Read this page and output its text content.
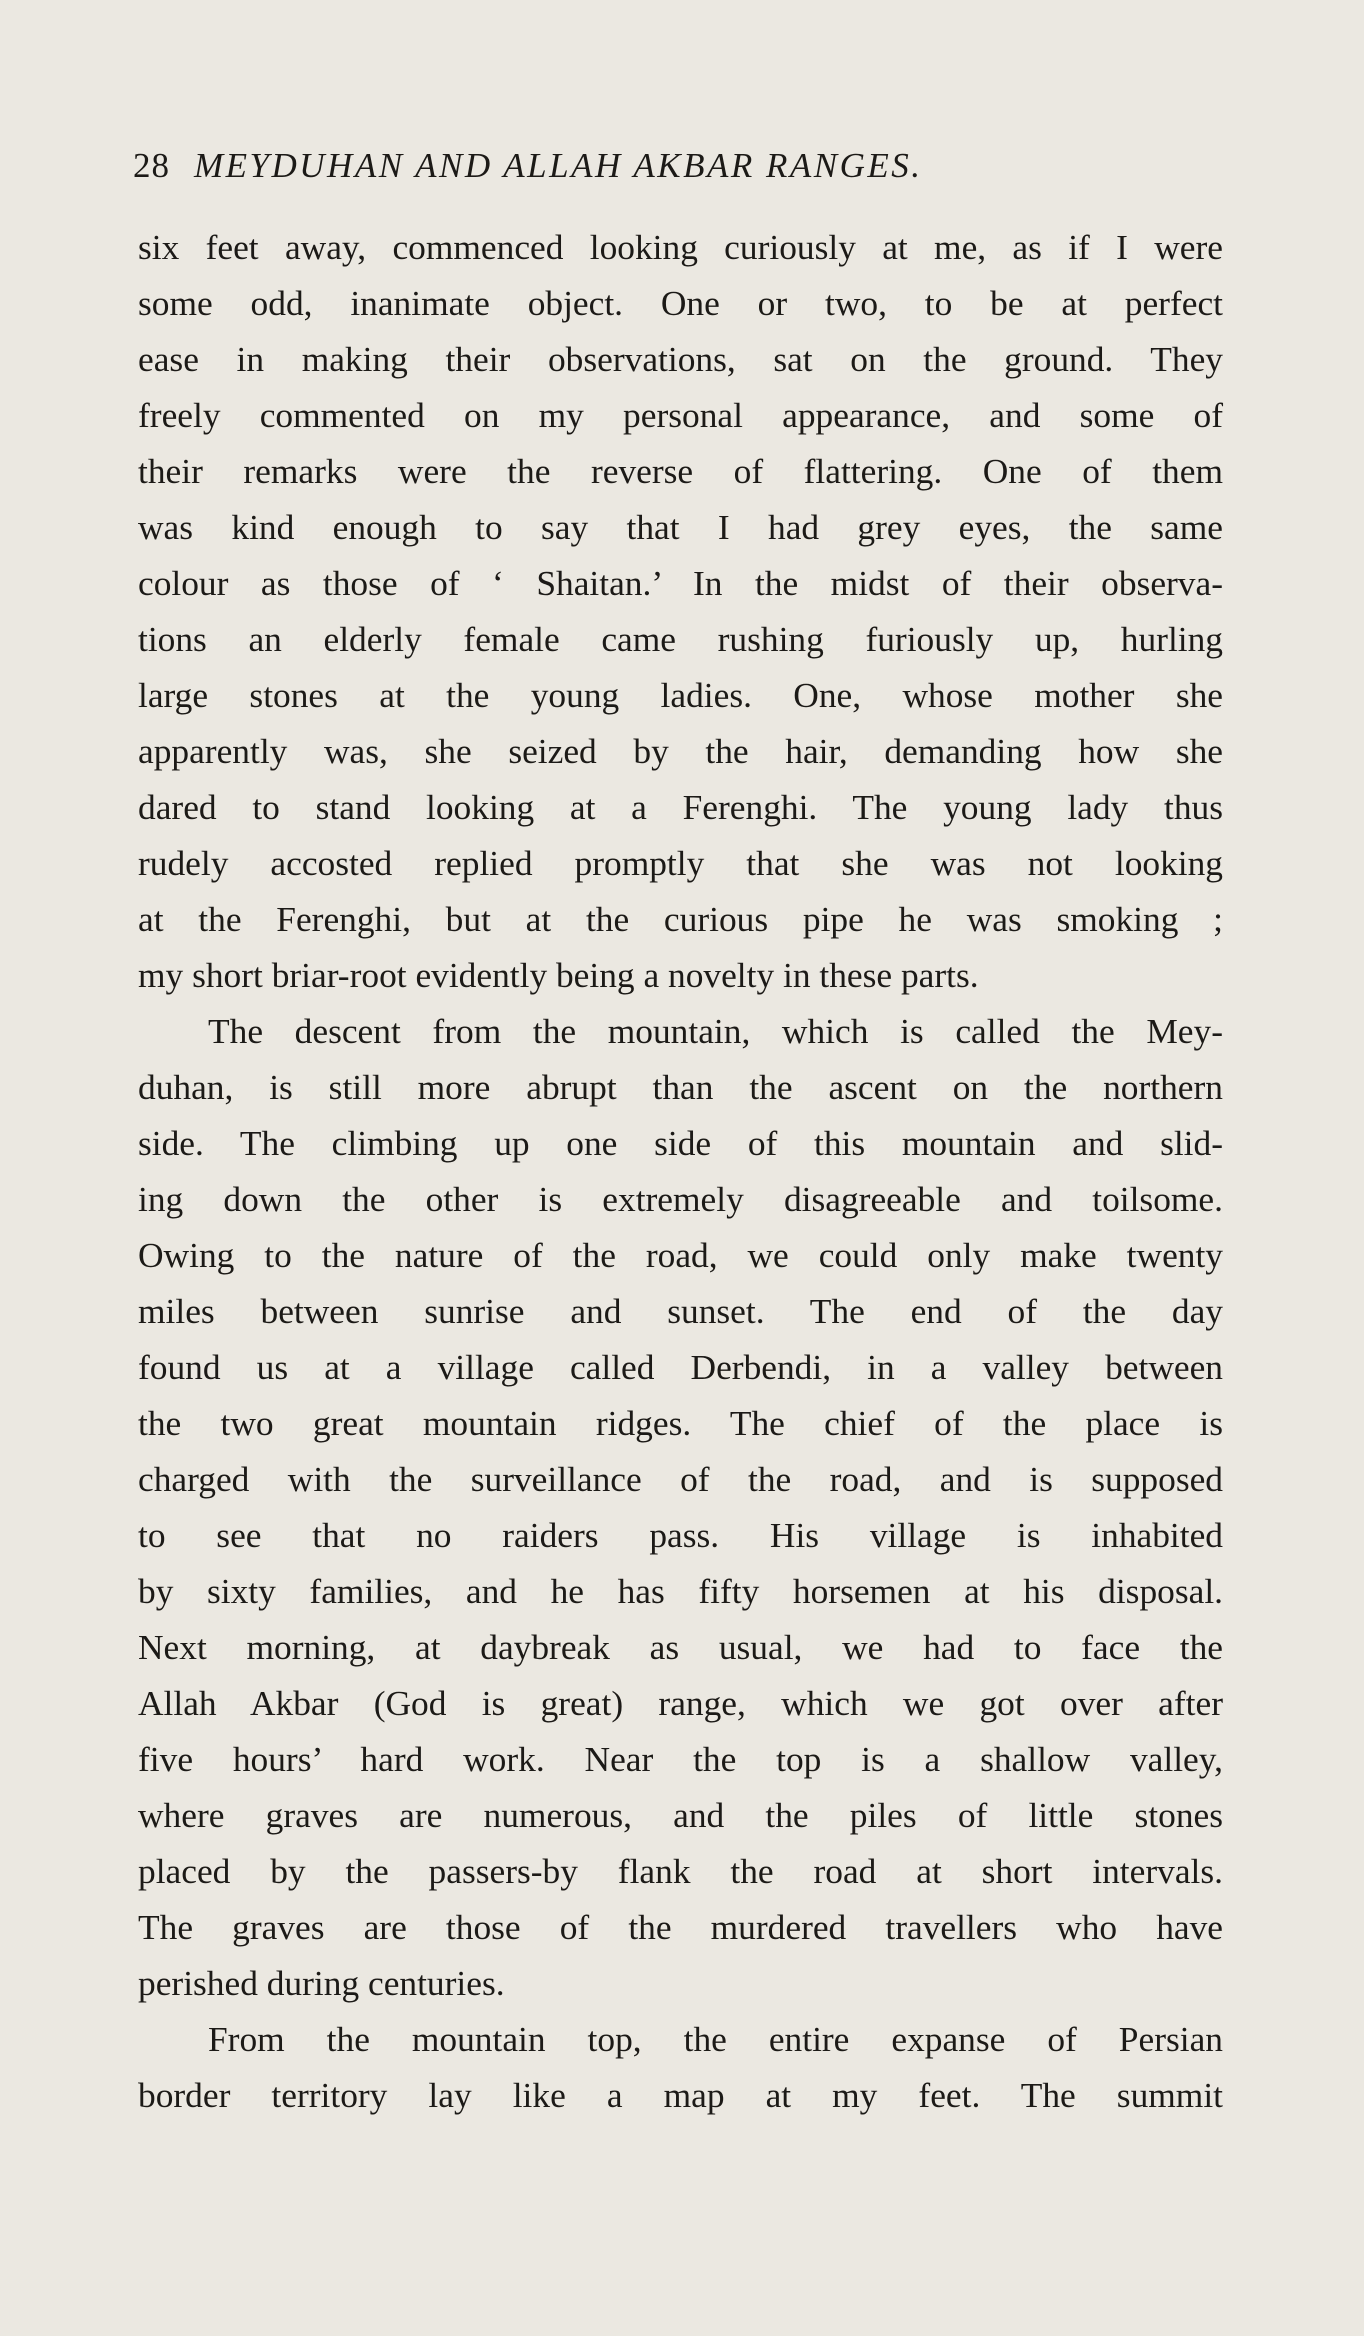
28 MEYDUHAN AND ALLAH AKBAR RANGES.
six feet away, commenced looking curiously at me, as if I were
some odd, inanimate object. One or two, to be at perfect
ease in making their observations, sat on the ground. They
freely commented on my personal appearance, and some of
their remarks were the reverse of flattering. One of them
was kind enough to say that I had grey eyes, the same
colour as those of ‘ Shaitan.’ In the midst of their observa-
tions an elderly female came rushing furiously up, hurling
large stones at the young ladies. One, whose mother she
apparently was, she seized by the hair, demanding how she
dared to stand looking at a Ferenghi. The young lady thus
rudely accosted replied promptly that she was not looking
at the Ferenghi, but at the curious pipe he was smoking ;
my short briar-root evidently being a novelty in these parts.
The descent from the mountain, which is called the Mey-
duhan, is still more abrupt than the ascent on the northern
side. The climbing up one side of this mountain and slid-
ing down the other is extremely disagreeable and toilsome.
Owing to the nature of the road, we could only make twenty
miles between sunrise and sunset. The end of the day
found us at a village called Derbendi, in a valley between
the two great mountain ridges. The chief of the place is
charged with the surveillance of the road, and is supposed
to see that no raiders pass. His village is inhabited
by sixty families, and he has fifty horsemen at his disposal.
Next morning, at daybreak as usual, we had to face the
Allah Akbar (God is great) range, which we got over after
five hours’ hard work. Near the top is a shallow valley,
where graves are numerous, and the piles of little stones
placed by the passers-by flank the road at short intervals.
The graves are those of the murdered travellers who have
perished during centuries.
From the mountain top, the entire expanse of Persian
border territory lay like a map at my feet. The summit
